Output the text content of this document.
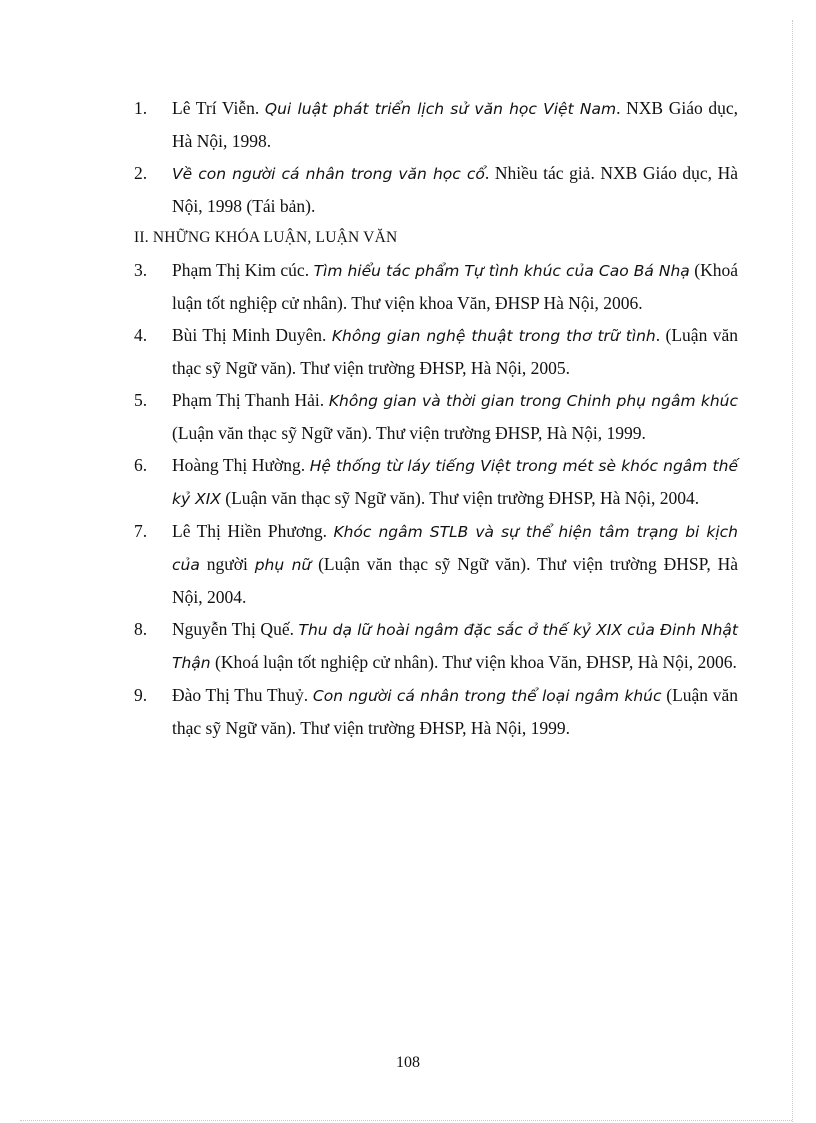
1. Lê Trí Viễn. Qui luật phát triển lịch sử văn học Việt Nam. NXB Giáo dục, Hà Nội, 1998.

2. Về con người cá nhân trong văn học cổ. Nhiều tác giả. NXB Giáo dục, Hà Nội, 1998 (Tái bản).

II. NHỮNG KHÓA LUẬN, LUẬN VĂN

3. Phạm Thị Kim cúc. Tìm hiểu tác phẩm Tự tình khúc của Cao Bá Nhạ (Khoá luận tốt nghiệp cử nhân). Thư viện khoa Văn, ĐHSP Hà Nội, 2006.

4. Bùi Thị Minh Duyên. Không gian nghệ thuật trong thơ trữ tình. (Luận văn thạc sỹ Ngữ văn). Thư viện trường ĐHSP, Hà Nội, 2005.

5. Phạm Thị Thanh Hải. Không gian và thời gian trong Chinh phụ ngâm khúc (Luận văn thạc sỹ Ngữ văn). Thư viện trường ĐHSP, Hà Nội, 1999.

6. Hoàng Thị Hường. Hệ thống từ láy tiếng Việt trong mét sè khóc ngâm thế kỷ XIX (Luận văn thạc sỹ Ngữ văn). Thư viện trường ĐHSP, Hà Nội, 2004.

7. Lê Thị Hiền Phương. Khóc ngâm STLB và sự thể hiện tâm trạng bi kịch của người phụ nữ (Luận văn thạc sỹ Ngữ văn). Thư viện trường ĐHSP, Hà Nội, 2004.

8. Nguyễn Thị Quế. Thu dạ lữ hoài ngâm đặc sắc ở thế kỷ XIX của Đinh Nhật Thận (Khoá luận tốt nghiệp cử nhân). Thư viện khoa Văn, ĐHSP, Hà Nội, 2006.

9. Đào Thị Thu Thuỷ. Con người cá nhân trong thể loại ngâm khúc (Luận văn thạc sỹ Ngữ văn). Thư viện trường ĐHSP, Hà Nội, 1999.

108
